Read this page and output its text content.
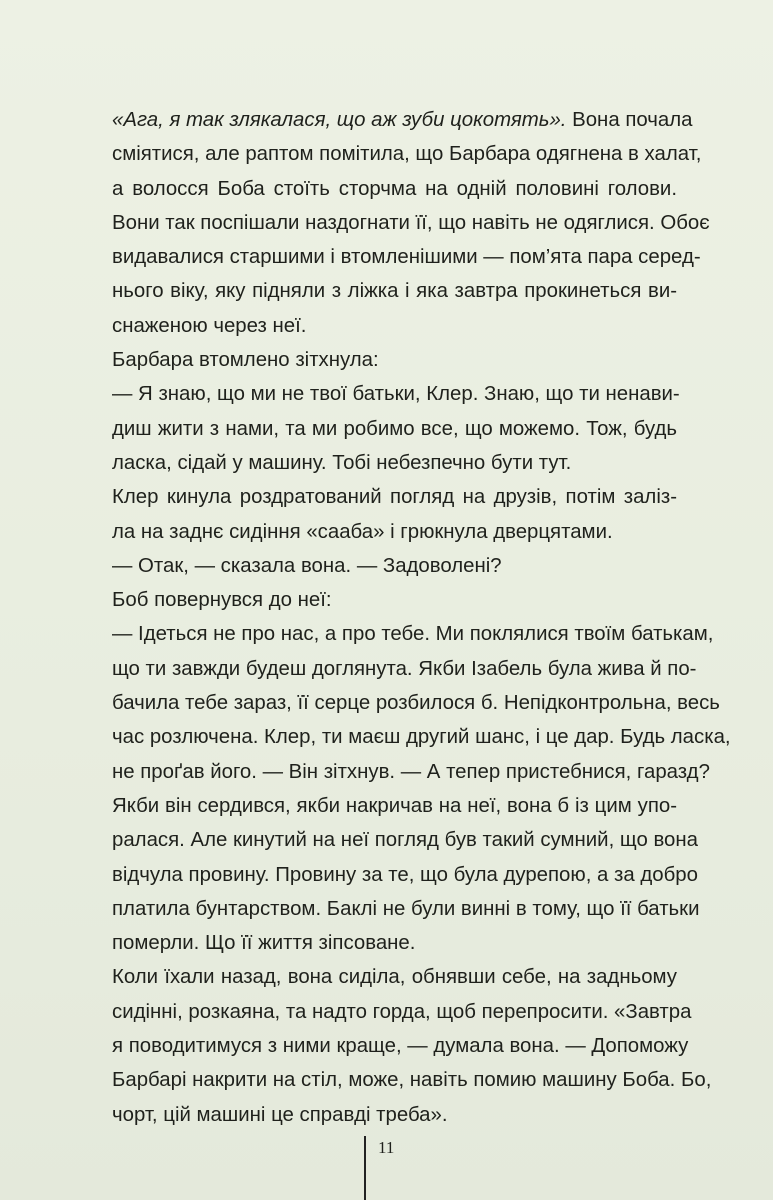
«Ага, я так злякалася, що аж зуби цокотять». Вона почала
сміятися, але раптом помітила, що Барбара одягнена в халат,
а волосся Боба стоїть сторчма на одній половині голови.
Вони так поспішали наздогнати її, що навіть не одяглися. Обоє
видавалися старшими і втомленішими — пом’ята пара серед-
нього віку, яку підняли з ліжка і яка завтра прокинеться ви-
снаженою через неї.

Барбара втомлено зітхнула:

— Я знаю, що ми не твої батьки, Клер. Знаю, що ти ненави-
диш жити з нами, та ми робимо все, що можемо. Тож, будь
ласка, сідай у машину. Тобі небезпечно бути тут.

Клер кинула роздратований погляд на друзів, потім заліз-
ла на заднє сидіння «сааба» і грюкнула дверцятами.

— Отак, — сказала вона. — Задоволені?

Боб повернувся до неї:

— Ідеться не про нас, а про тебе. Ми поклялися твоїм батькам,
що ти завжди будеш доглянута. Якби Ізабель була жива й по-
бачила тебе зараз, її серце розбилося б. Непідконтрольна, весь
час розлючена. Клер, ти маєш другий шанс, і це дар. Будь ласка,
не проґав його. — Він зітхнув. — А тепер пристебнися, гаразд?

Якби він сердився, якби накричав на неї, вона б із цим упо-
ралася. Але кинутий на неї погляд був такий сумний, що вона
відчула провину. Провину за те, що була дурепою, а за добро
платила бунтарством. Баклі не були винні в тому, що її батьки
померли. Що її життя зіпсоване.

Коли їхали назад, вона сиділа, обнявши себе, на задньому
сидінні, розкаяна, та надто горда, щоб перепросити. «Завтра
я поводитимуся з ними краще, — думала вона. — Допоможу
Барбарі накрити на стіл, може, навіть помию машину Боба. Бо,
чорт, цій машині це справді треба».

11
